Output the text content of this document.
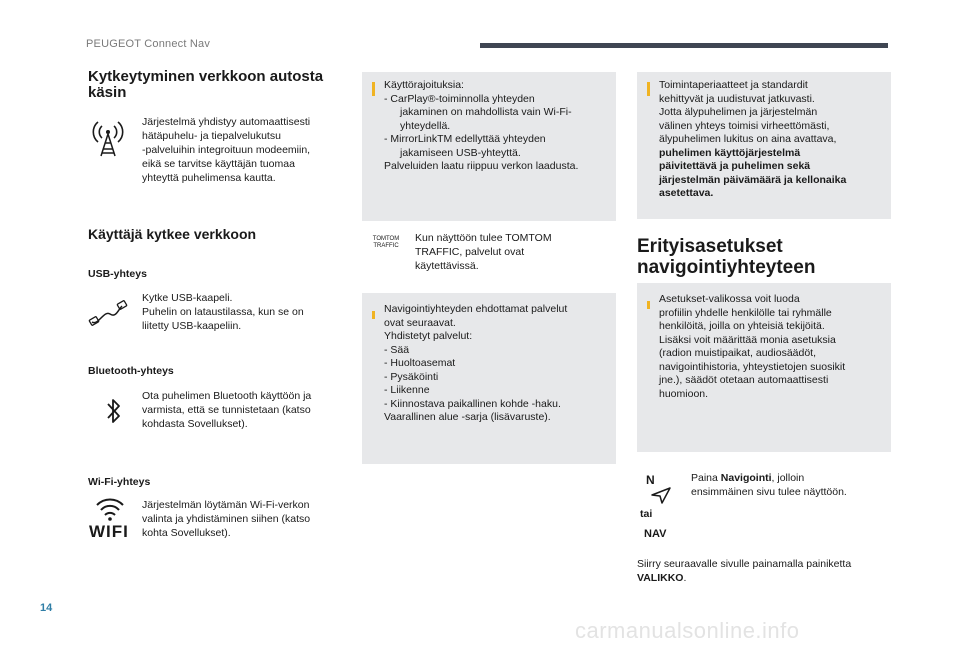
PEUGEOT Connect Nav
Kytkeytyminen verkkoon autosta
käsin
Järjestelmä yhdistyy automaattisesti
hätäpuhelu- ja tiepalvelukutsu
-palveluihin integroituun modeemiin,
eikä se tarvitse käyttäjän tuomaa
yhteyttä puhelimensa kautta.
Käyttäjä kytkee verkkoon
USB-yhteys
Kytke USB-kaapeli.
Puhelin on lataustilassa, kun se on
liitetty USB-kaapeliin.
Bluetooth-yhteys
Ota puhelimen Bluetooth käyttöön ja
varmista, että se tunnistetaan (katso
kohdasta Sovellukset).
Wi-Fi-yhteys
WIFI
Järjestelmän löytämän Wi-Fi-verkon
valinta ja yhdistäminen siihen (katso
kohta Sovellukset).
Käyttörajoituksia:
- CarPlay®-toiminnolla yhteyden
jakaminen on mahdollista vain Wi-Fi-
yhteydellä.
- MirrorLinkTM edellyttää yhteyden
jakamiseen USB-yhteyttä.
Palveluiden laatu riippuu verkon laadusta.
TOMTOM TRAFFIC
Kun näyttöön tulee TOMTOM
TRAFFIC, palvelut ovat
käytettävissä.
Navigointiyhteyden ehdottamat palvelut
ovat seuraavat.
Yhdistetyt palvelut:
- Sää
- Huoltoasemat
- Pysäköinti
- Liikenne
- Kiinnostava paikallinen kohde -haku.
Vaarallinen alue -sarja (lisävaruste).
Toimintaperiaatteet ja standardit
kehittyvät ja uudistuvat jatkuvasti.
Jotta älypuhelimen ja järjestelmän
välinen yhteys toimisi virheettömästi,
älypuhelimen lukitus on aina avattava,
puhelimen käyttöjärjestelmä
päivitettävä ja puhelimen sekä
järjestelmän päivämäärä ja kellonaika
asetettava.
Erityisasetukset
navigointiyhteyteen
Asetukset-valikossa voit luoda
profiilin yhdelle henkilölle tai ryhmälle
henkilöitä, joilla on yhteisiä tekijöitä.
Lisäksi voit määrittää monia asetuksia
(radion muistipaikat, audiosäädöt,
navigointihistoria, yhteystietojen suosikit
jne.), säädöt otetaan automaattisesti
huomioon.
N
tai
NAV
Paina Navigointi, jolloin
ensimmäinen sivu tulee näyttöön.
Siirry seuraavalle sivulle painamalla painiketta
VALIKKO.
14
carmanualsonline.info
